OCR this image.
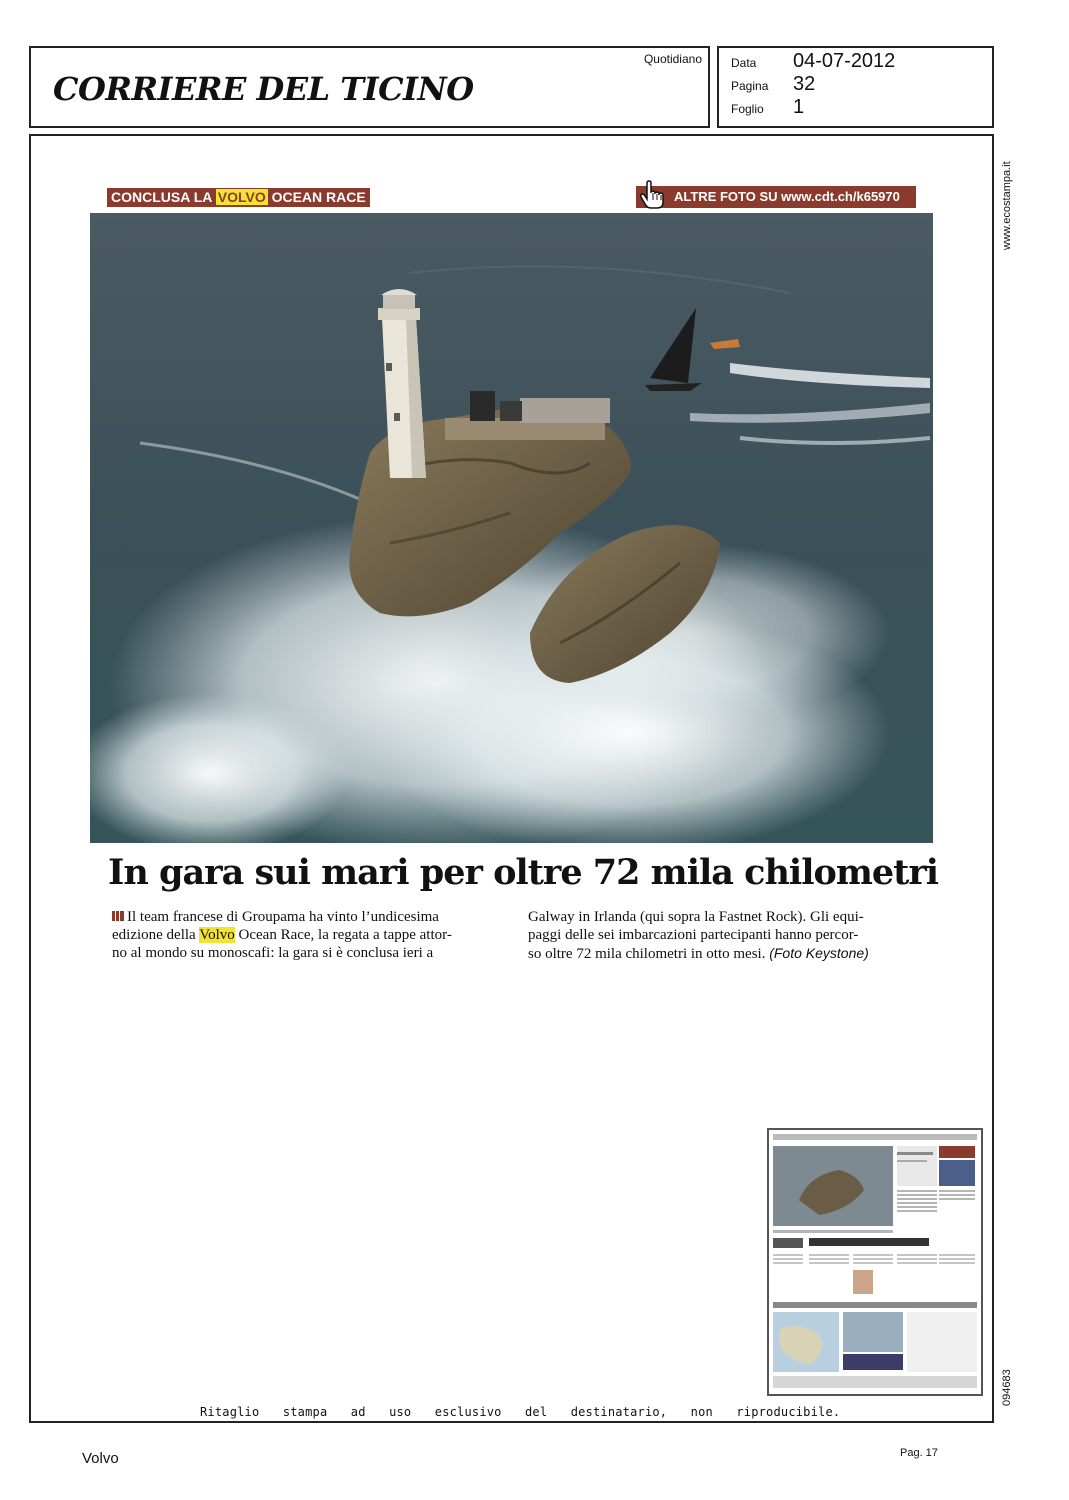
CORRIERE DEL TICINO
Quotidiano Data 04-07-2012
Pagina 32
Foglio 1
www.ecostampa.it
CONCLUSA LA VOLVO OCEAN RACE	ALTRE FOTO SU www.cdt.ch/k65970
In gara sui mari per oltre 72 mila chilometri
Il team francese di Groupama ha vinto l’undicesima
edizione della Volvo Ocean Race, la regata a tappe attor-
no al mondo su monoscafi: la gara si è conclusa ieri a
Galway in Irlanda (qui sopra la Fastnet Rock). Gli equi-
paggi delle sei imbarcazioni partecipanti hanno percor-
so oltre 72 mila chilometri in otto mesi. (Foto Keystone)
094683
Ritaglio stampa ad uso esclusivo del destinatario, non riproducibile.
Volvo	Pag. 17
